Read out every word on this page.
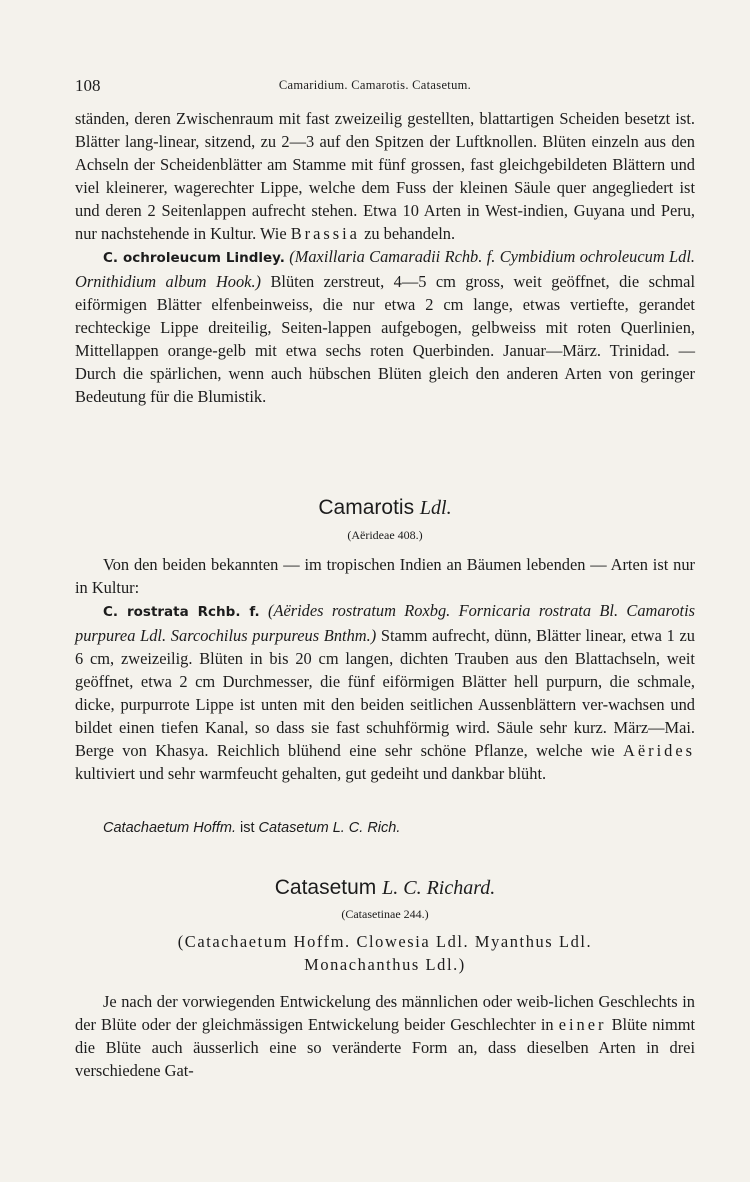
108	Camaridium. Camarotis. Catasetum.

ständen, deren Zwischenraum mit fast zweizeilig gestellten, blattartigen Scheiden besetzt ist. Blätter lang-linear, sitzend, zu 2—3 auf den Spitzen der Luftknollen. Blüten einzeln aus den Achseln der Scheidenblätter am Stamme mit fünf grossen, fast gleichgebildeten Blättern und viel kleinerer, wagerechter Lippe, welche dem Fuss der kleinen Säule quer angegliedert ist und deren 2 Seitenlappen aufrecht stehen. Etwa 10 Arten in West-indien, Guyana und Peru, nur nachstehende in Kultur. Wie Brassia zu behandeln.

C. ochroleucum Lindley. (Maxillaria Camaradii Rchb. f. Cymbidium ochroleucum Ldl. Ornithidium album Hook.) Blüten zerstreut, 4—5 cm gross, weit geöffnet, die schmal eiförmigen Blätter elfenbeinweiss, die nur etwa 2 cm lange, etwas vertiefte, gerandet rechteckige Lippe dreiteilig, Seiten-lappen aufgebogen, gelbweiss mit roten Querlinien, Mittellappen orange-gelb mit etwa sechs roten Querbinden. Januar—März. Trinidad. — Durch die spärlichen, wenn auch hübschen Blüten gleich den anderen Arten von geringer Bedeutung für die Blumistik.

Camarotis Ldl.
(Aërideae 408.)

Von den beiden bekannten — im tropischen Indien an Bäumen lebenden — Arten ist nur in Kultur:

C. rostrata Rchb. f. (Aërides rostratum Roxbg. Fornicaria rostrata Bl. Camarotis purpurea Ldl. Sarcochilus purpureus Bnthm.) Stamm aufrecht, dünn, Blätter linear, etwa 1 zu 6 cm, zweizeilig. Blüten in bis 20 cm langen, dichten Trauben aus den Blattachseln, weit geöffnet, etwa 2 cm Durchmesser, die fünf eiförmigen Blätter hell purpurn, die schmale, dicke, purpurrote Lippe ist unten mit den beiden seitlichen Aussenblättern ver-wachsen und bildet einen tiefen Kanal, so dass sie fast schuhförmig wird. Säule sehr kurz. März—Mai. Berge von Khasya. Reichlich blühend eine sehr schöne Pflanze, welche wie Aërides kultiviert und sehr warmfeucht gehalten, gut gedeiht und dankbar blüht.

Catachaetum Hoffm. ist Catasetum L. C. Rich.
Catasetum L. C. Richard.
(Catasetinae 244.)
(Catachaetum Hoffm. Clowesia Ldl. Myanthus Ldl.
Monachanthus Ldl.)

Je nach der vorwiegenden Entwickelung des männlichen oder weib-lichen Geschlechts in der Blüte oder der gleichmässigen Entwickelung beider Geschlechter in einer Blüte nimmt die Blüte auch äusserlich eine so veränderte Form an, dass dieselben Arten in drei verschiedene Gat-
